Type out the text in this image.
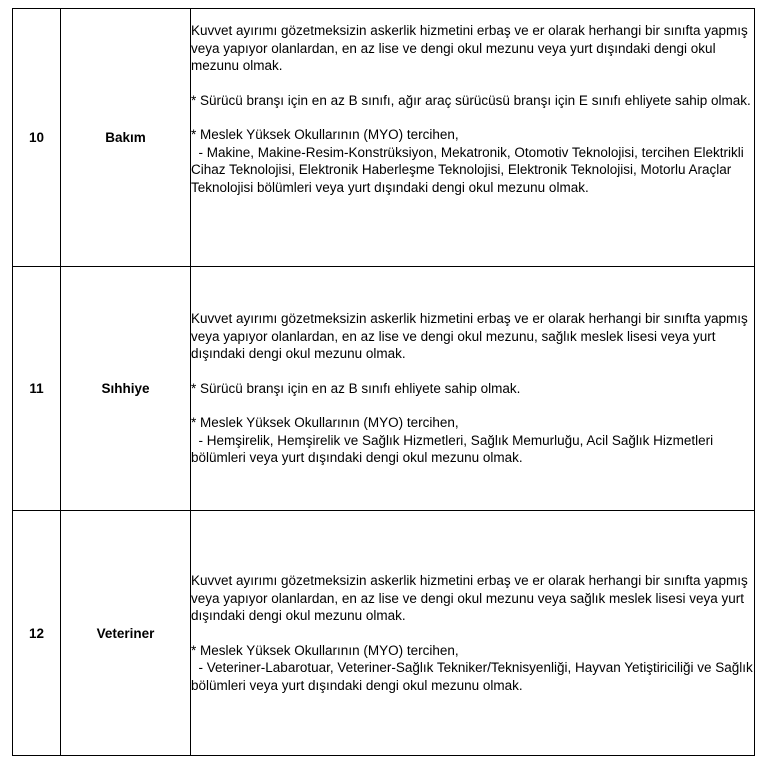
10	Bakım	Kuvvet ayırımı gözetmeksizin askerlik hizmetini erbaş ve er olarak herhangi bir sınıfta yapmış veya yapıyor olanlardan, en az lise ve dengi okul mezunu veya yurt dışındaki dengi okul mezunu olmak.

* Sürücü branşı için en az B sınıfı, ağır araç sürücüsü branşı için E sınıfı ehliyete sahip olmak.

* Meslek Yüksek Okullarının (MYO) tercihen,

- Makine, Makine-Resim-Konstrüksiyon, Mekatronik, Otomotiv Teknolojisi, tercihen Elektrikli Cihaz Teknolojisi, Elektronik Haberleşme Teknolojisi, Elektronik Teknolojisi, Motorlu Araçlar Teknolojisi bölümleri veya yurt dışındaki dengi okul mezunu olmak.

11	Sıhhiye	Kuvvet ayırımı gözetmeksizin askerlik hizmetini erbaş ve er olarak herhangi bir sınıfta yapmış veya yapıyor olanlardan, en az lise ve dengi okul mezunu, sağlık meslek lisesi veya yurt dışındaki dengi okul mezunu olmak.

* Sürücü branşı için en az B sınıfı ehliyete sahip olmak.

* Meslek Yüksek Okullarının (MYO) tercihen,

- Hemşirelik, Hemşirelik ve Sağlık Hizmetleri, Sağlık Memurluğu, Acil Sağlık Hizmetleri bölümleri veya yurt dışındaki dengi okul mezunu olmak.

12	Veteriner	Kuvvet ayırımı gözetmeksizin askerlik hizmetini erbaş ve er olarak herhangi bir sınıfta yapmış veya yapıyor olanlardan, en az lise ve dengi okul mezunu veya sağlık meslek lisesi veya yurt dışındaki dengi okul mezunu olmak.

* Meslek Yüksek Okullarının (MYO) tercihen,

- Veteriner-Labarotuar, Veteriner-Sağlık Tekniker/Teknisyenliği, Hayvan Yetiştiriciliği ve Sağlık bölümleri veya yurt dışındaki dengi okul mezunu olmak.
